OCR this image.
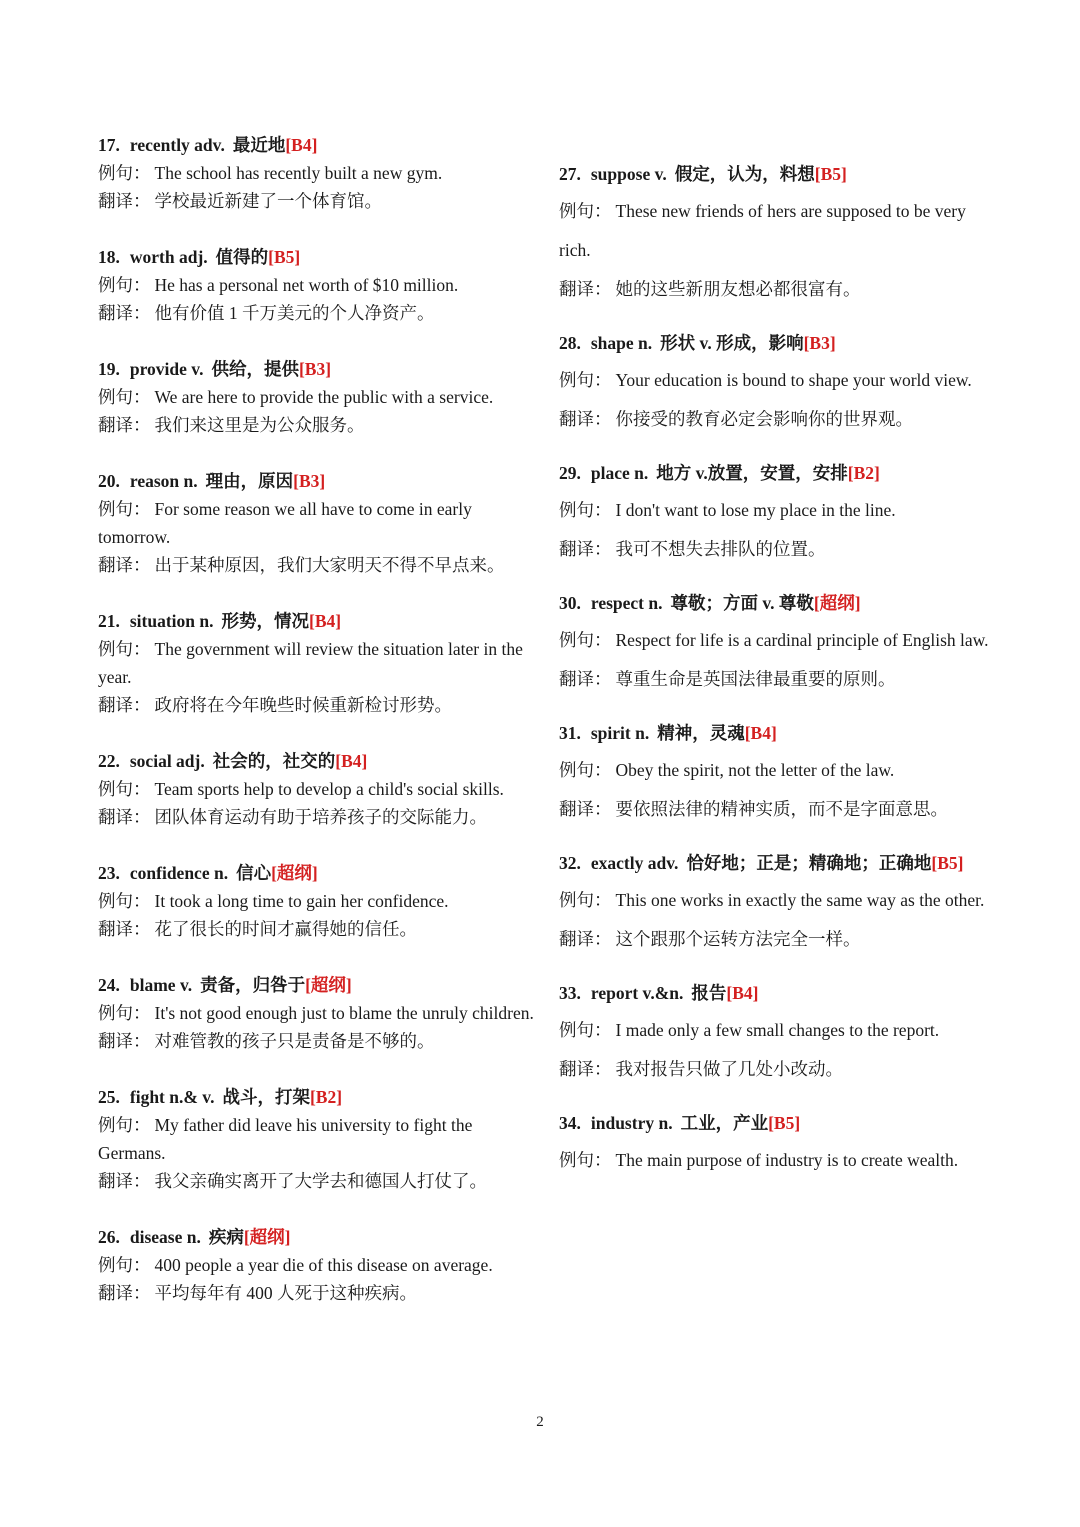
17. recently adv. 最近地[B4]
例句： The school has recently built a new gym.
翻译： 学校最近新建了一个体育馆。
18. worth adj. 值得的[B5]
例句： He has a personal net worth of $10 million.
翻译： 他有价值 1 千万美元的个人净资产。
19. provide v. 供给，提供[B3]
例句： We are here to provide the public with a service.
翻译： 我们来这里是为公众服务。
20. reason n. 理由，原因[B3]
例句： For some reason we all have to come in early tomorrow.
翻译： 出于某种原因，我们大家明天不得不早点来。
21. situation n. 形势，情况[B4]
例句： The government will review the situation later in the year.
翻译： 政府将在今年晚些时候重新检讨形势。
22. social adj. 社会的，社交的[B4]
例句： Team sports help to develop a child's social skills.
翻译： 团队体育运动有助于培养孩子的交际能力。
23. confidence n. 信心[超纲]
例句： It took a long time to gain her confidence.
翻译： 花了很长的时间才赢得她的信任。
24. blame v. 责备，归咎于[超纲]
例句： It's not good enough just to blame the unruly children.
翻译： 对难管教的孩子只是责备是不够的。
25. fight n.& v. 战斗，打架[B2]
例句： My father did leave his university to fight the Germans.
翻译： 我父亲确实离开了大学去和德国人打仗了。
26. disease n. 疾病[超纲]
例句： 400 people a year die of this disease on average.
翻译： 平均每年有 400 人死于这种疾病。
27. suppose v. 假定，认为，料想[B5]
例句： These new friends of hers are supposed to be very rich.
翻译： 她的这些新朋友想必都很富有。
28. shape n. 形状 v. 形成，影响[B3]
例句： Your education is bound to shape your world view.
翻译： 你接受的教育必定会影响你的世界观。
29. place n. 地方 v.放置，安置，安排[B2]
例句： I don't want to lose my place in the line.
翻译： 我可不想失去排队的位置。
30. respect n. 尊敬；方面 v. 尊敬[超纲]
例句： Respect for life is a cardinal principle of English law.
翻译： 尊重生命是英国法律最重要的原则。
31. spirit n. 精神，灵魂[B4]
例句： Obey the spirit, not the letter of the law.
翻译： 要依照法律的精神实质，而不是字面意思。
32. exactly adv. 恰好地；正是；精确地；正确地[B5]
例句： This one works in exactly the same way as the other.
翻译： 这个跟那个运转方法完全一样。
33. report v.&n. 报告[B4]
例句： I made only a few small changes to the report.
翻译： 我对报告只做了几处小改动。
34. industry n. 工业，产业[B5]
例句： The main purpose of industry is to create wealth.
2
